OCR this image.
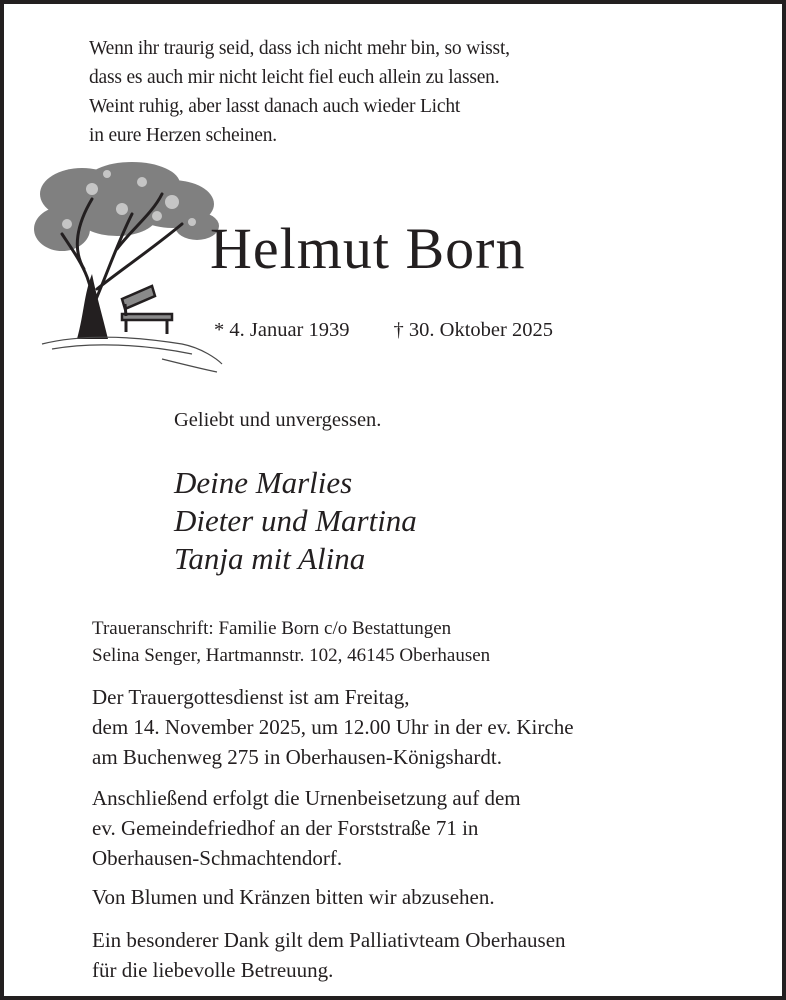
Wenn ihr traurig seid, dass ich nicht mehr bin, so wisst,
dass es auch mir nicht leicht fiel euch allein zu lassen.
Weint ruhig, aber lasst danach auch wieder Licht
in eure Herzen scheinen.
Helmut Born
* 4. Januar 1939 † 30. Oktober 2025
Geliebt und unvergessen.
Deine Marlies
Dieter und Martina
Tanja mit Alina
Traueranschrift: Familie Born c/o Bestattungen
Selina Senger, Hartmannstr. 102, 46145 Oberhausen
Der Trauergottesdienst ist am Freitag,
dem 14. November 2025, um 12.00 Uhr in der ev. Kirche
am Buchenweg 275 in Oberhausen-Königshardt.
Anschließend erfolgt die Urnenbeisetzung auf dem
ev. Gemeindefriedhof an der Forststraße 71 in
Oberhausen-Schmachtendorf.
Von Blumen und Kränzen bitten wir abzusehen.
Ein besonderer Dank gilt dem Palliativteam Oberhausen
für die liebevolle Betreuung.
